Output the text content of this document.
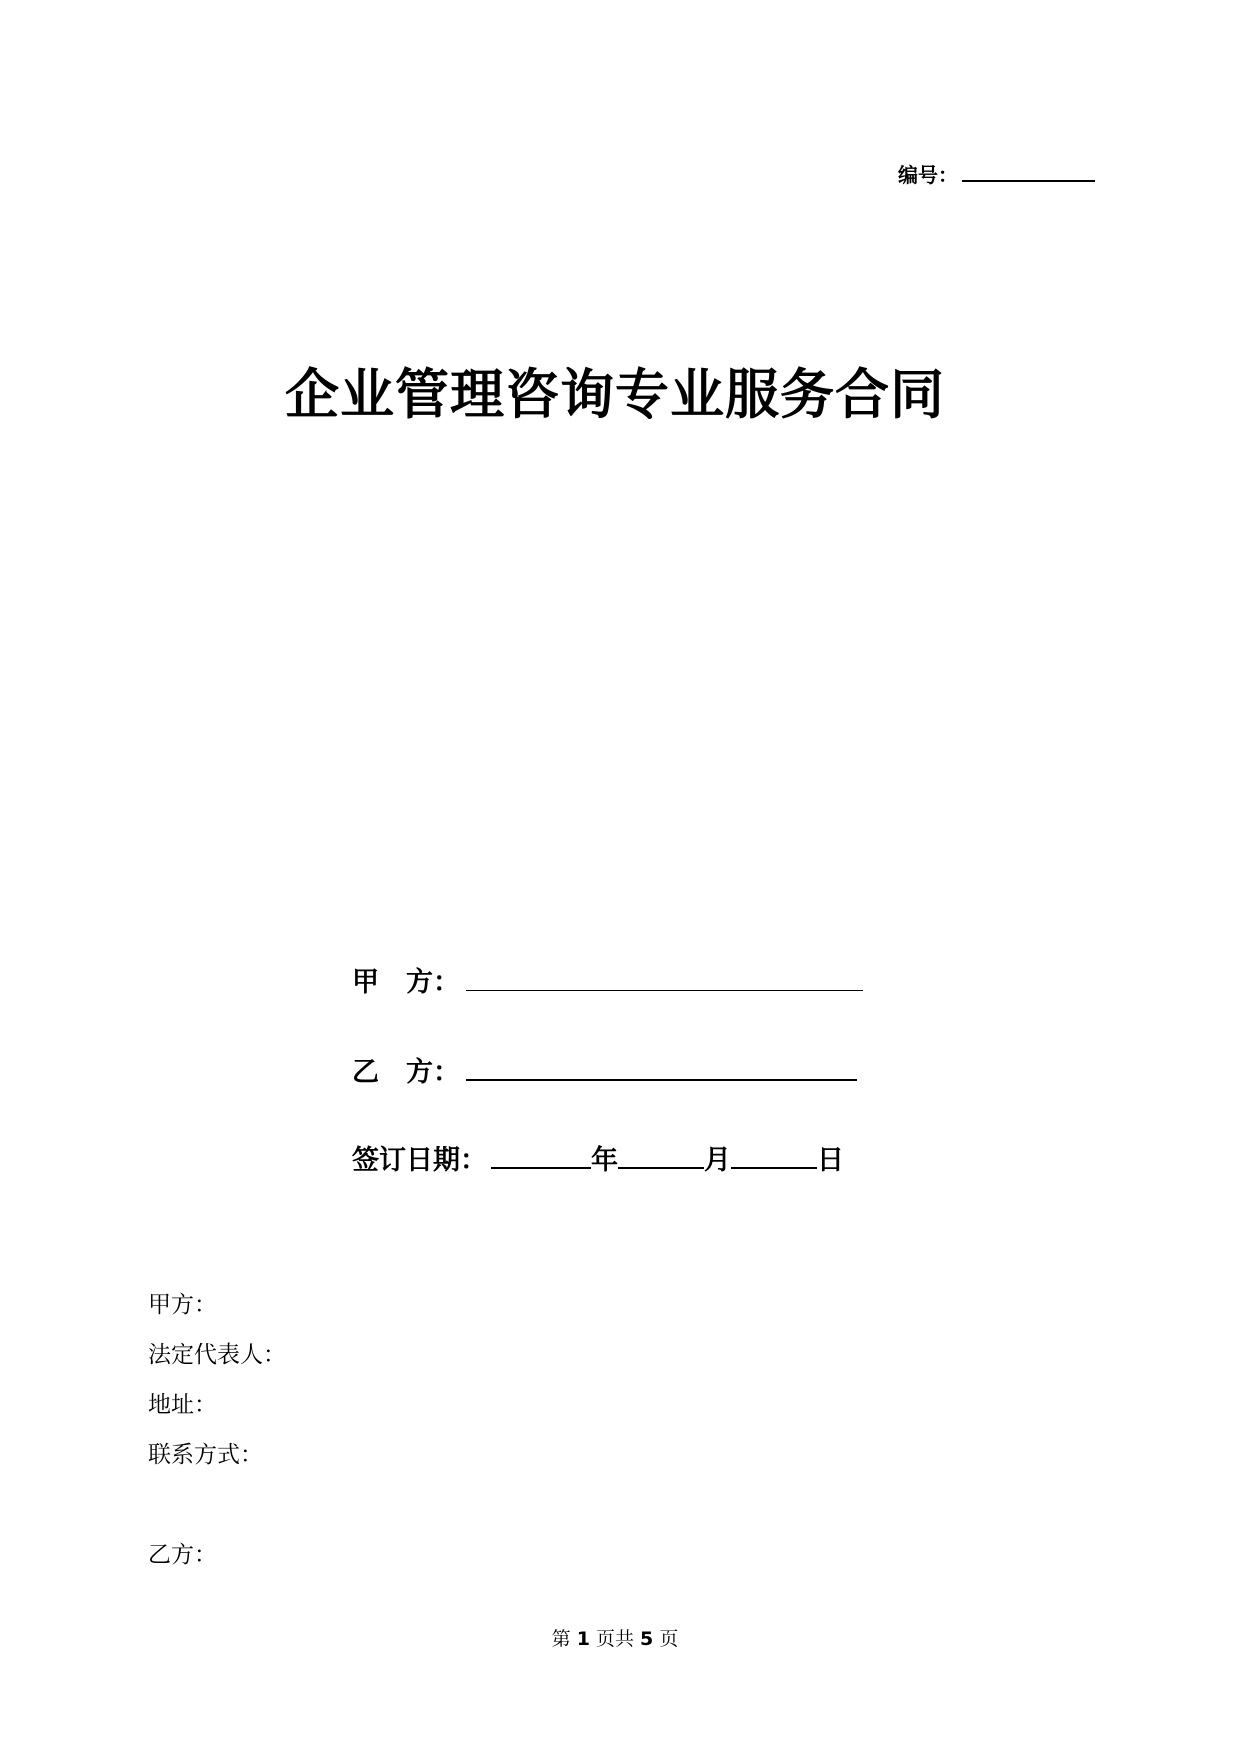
编号：
企业管理咨询专业服务合同
甲　方：
乙　方：
签订日期：	年	月	日
甲方：
法定代表人：
地址：
联系方式：
乙方：
第 1 页共 5 页
